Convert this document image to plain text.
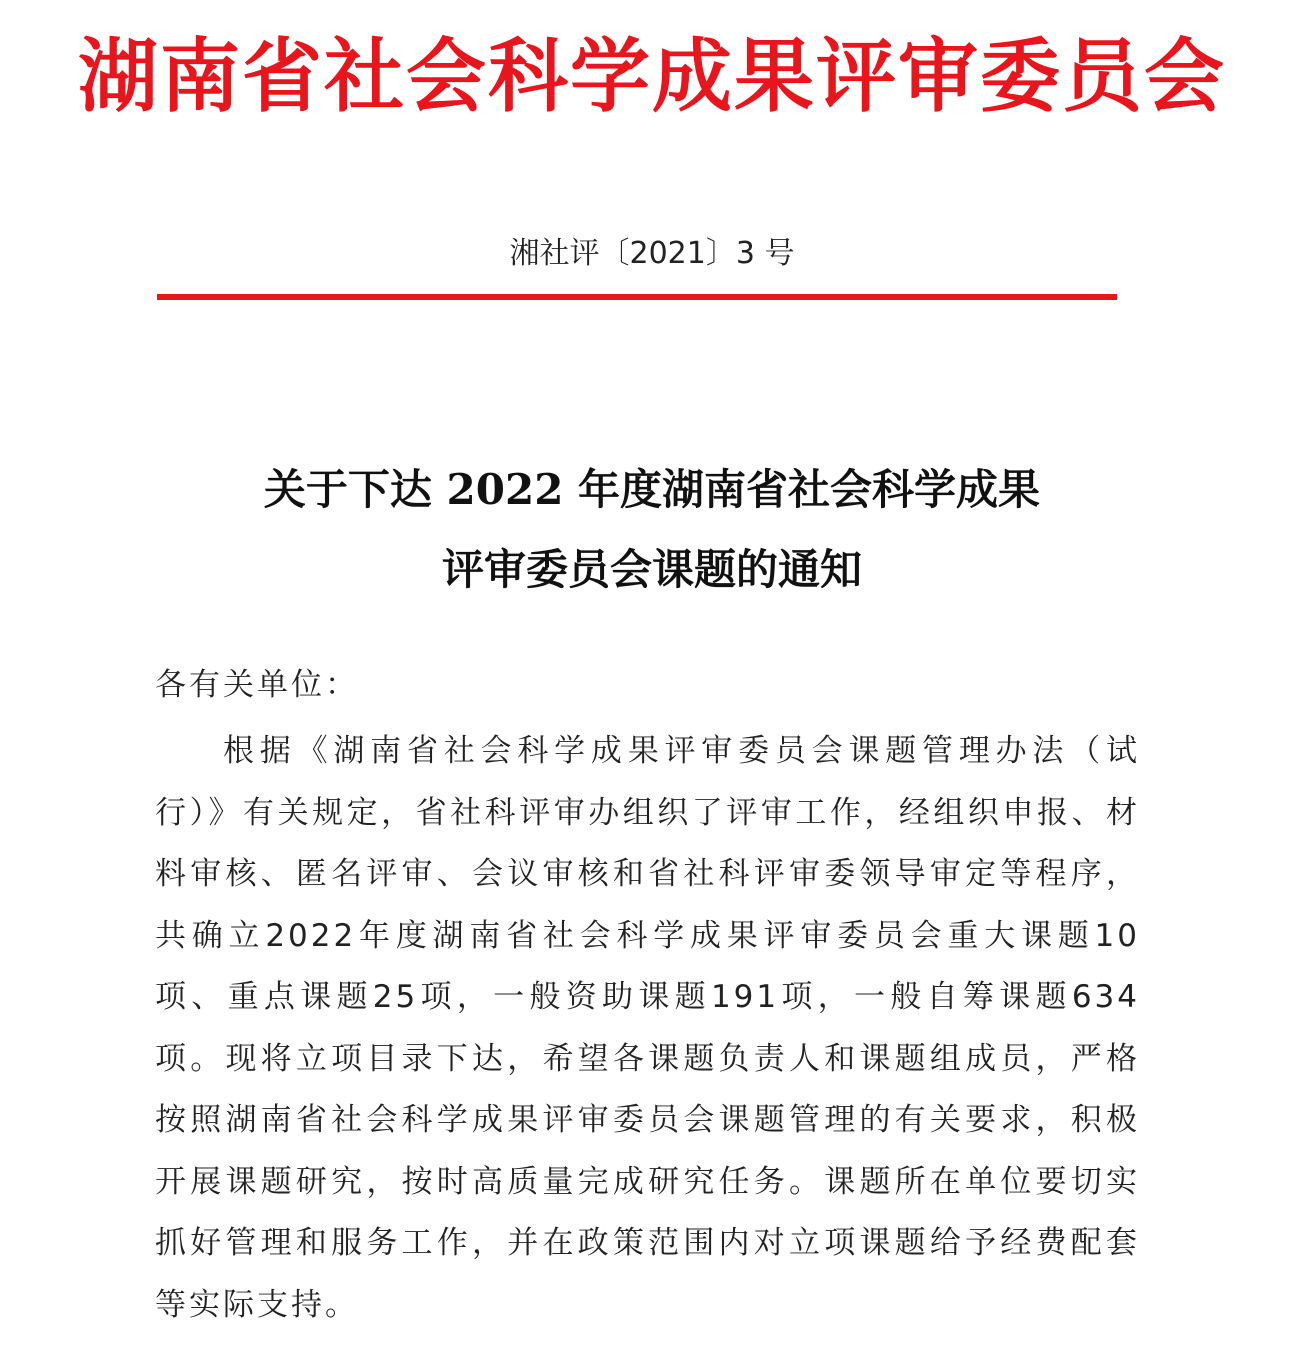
湖南省社会科学成果评审委员会
湘社评〔2021〕3 号
关于下达 2022 年度湖南省社会科学成果
评审委员会课题的通知
各有关单位：
根据《湖南省社会科学成果评审委员会课题管理办法（试行）》有关规定，省社科评审办组织了评审工作，经组织申报、材料审核、匿名评审、会议审核和省社科评审委领导审定等程序，共确立2022年度湖南省社会科学成果评审委员会重大课题10项、重点课题25项，一般资助课题191项，一般自筹课题634项。现将立项目录下达，希望各课题负责人和课题组成员，严格按照湖南省社会科学成果评审委员会课题管理的有关要求，积极开展课题研究，按时高质量完成研究任务。课题所在单位要切实抓好管理和服务工作，并在政策范围内对立项课题给予经费配套等实际支持。
